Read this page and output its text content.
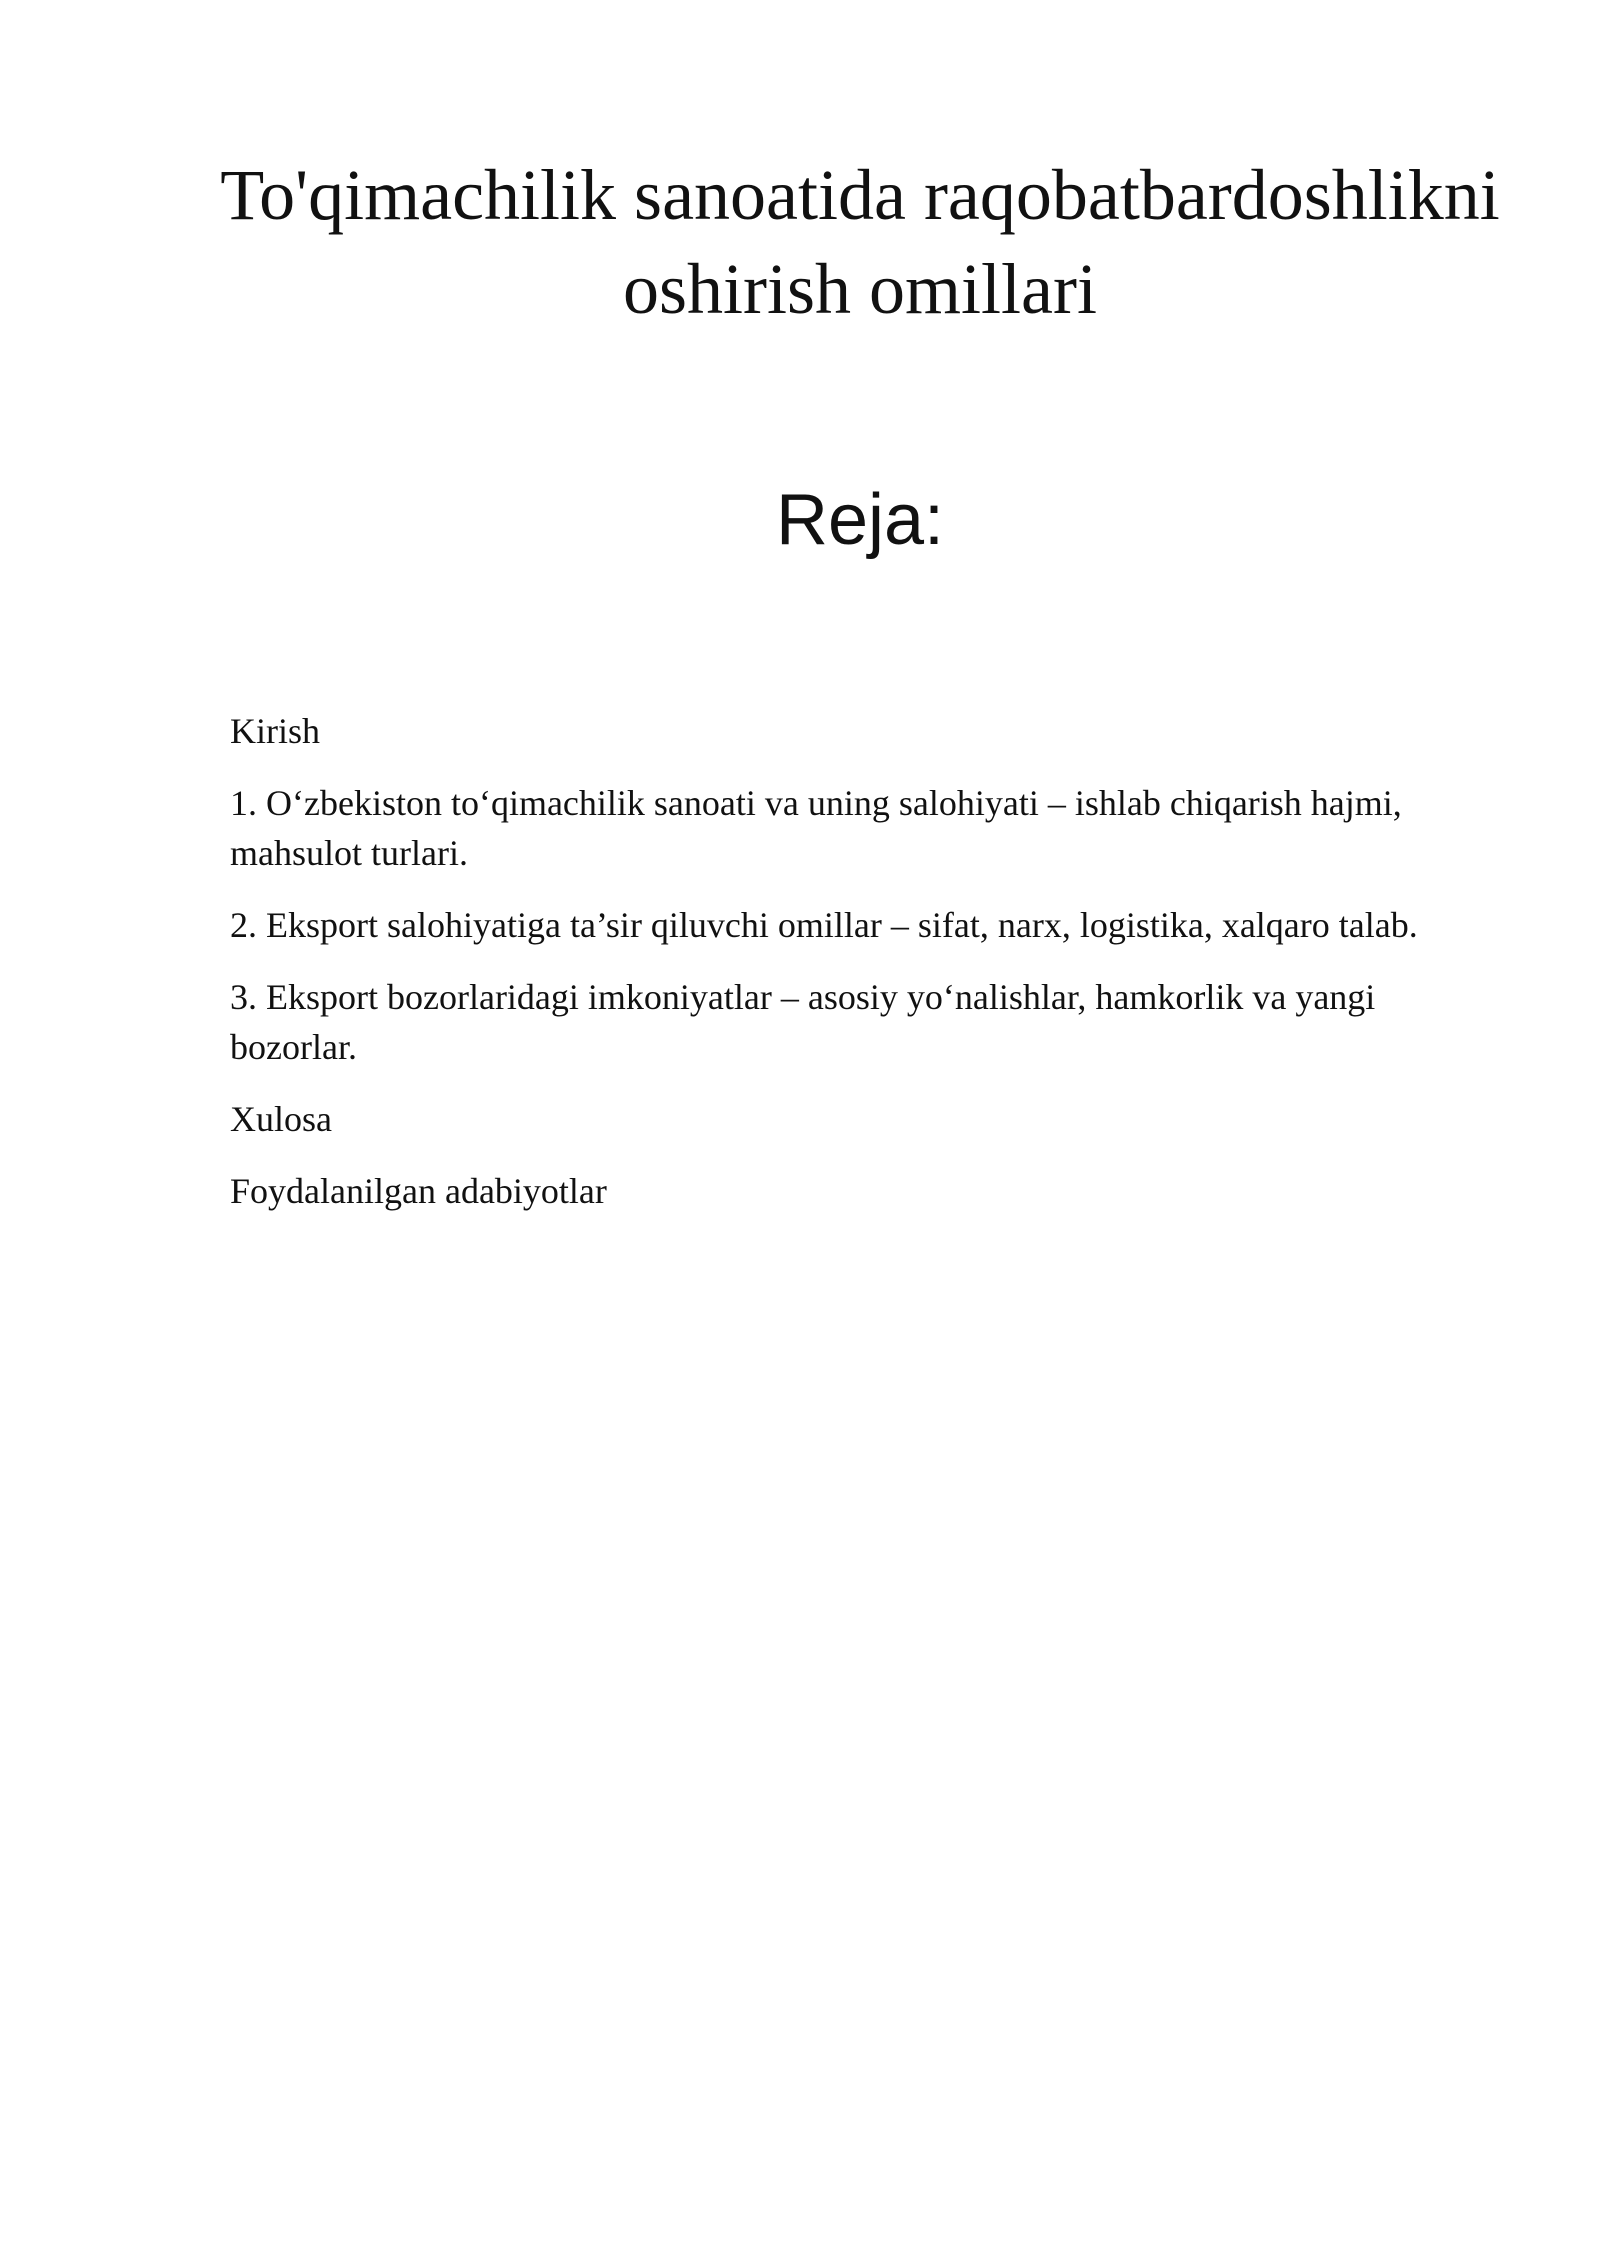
To'qimachilik sanoatida raqobatbardoshlikni oshirish omillari
Reja:
Kirish
1. O‘zbekiston to‘qimachilik sanoati va uning salohiyati – ishlab chiqarish hajmi, mahsulot turlari.
2. Eksport salohiyatiga ta’sir qiluvchi omillar – sifat, narx, logistika, xalqaro talab.
3. Eksport bozorlaridagi imkoniyatlar – asosiy yo‘nalishlar, hamkorlik va yangi bozorlar.
Xulosa
Foydalanilgan adabiyotlar
